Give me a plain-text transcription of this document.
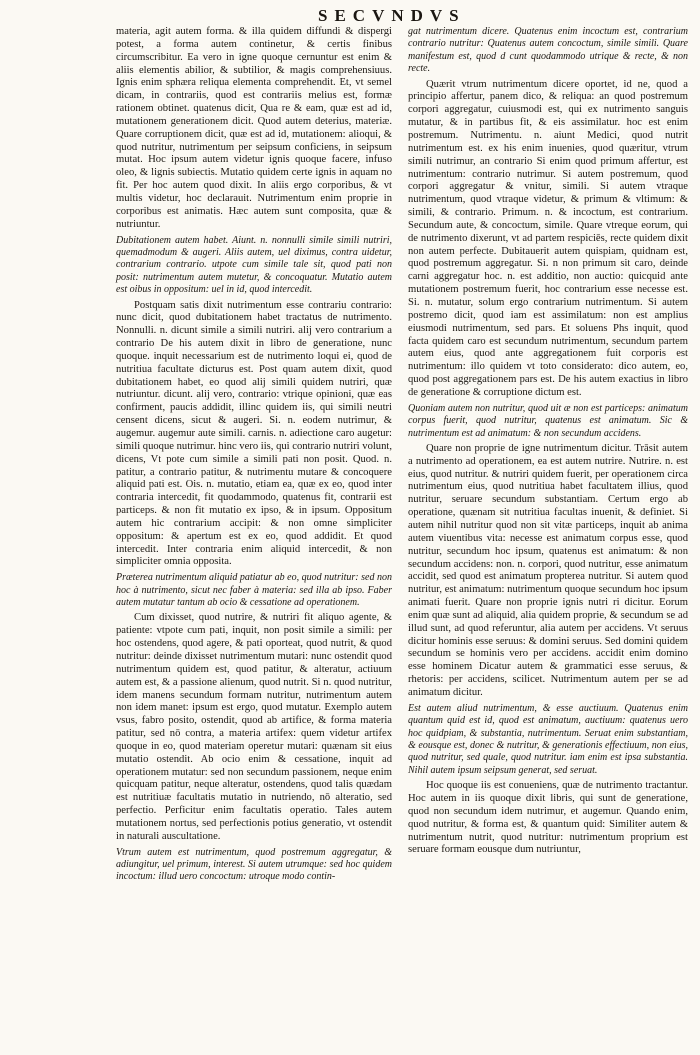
SECVNDVS

materia, agit autem forma. & illa quidem diffundi & dispergi potest, a forma autem continetur, & certis finibus circumscribitur. Ea vero in igne quoque cernuntur est enim & aliis elementis abilior, & subtilior, & magis comprehensiuus. Ignis enim sphæra reliqua elementa comprehendit. Et, vt semel dicam, in contrariis, quod est contrariis melius est, formæ rationem obtinet. quatenus dicit, Qua re & eam, quæ est ad id, mutationem generationem dicit. Quod autem deterius, materiæ. Quare corruptionem dicit, quæ est ad id, mutationem: alioqui, & quod nutritur, nutrimentum per seipsum conficiens, in seipsum mutat. Hoc ipsum autem videtur ignis quoque facere, infuso oleo, & lignis subiectis. Mutatio quidem certe ignis in aquam no fit. Per hoc autem quod dixit. In aliis ergo corporibus, & vt multis videtur, hoc declarauit. Nutrimentum enim proprie in corporibus est animatis. Hæc autem sunt composita, quæ & nutriuntur.

Dubitationem autem habet. Aiunt. n. nonnulli simile simili nutriri, quemadmodum & augeri. Aliis autem, uel diximus, contra uidetur, contrarium contrario. utpote cum simile tale sit, quod pati non posit: nutrimentum autem mutetur, & concoquatur. Mutatio autem est oibus in oppositum: uel in id, quod intercedit.

Postquam satis dixit nutrimentum esse contrariu contrario: nunc dicit, quod dubitationem habet tractatus de nutrimento. Nonnulli. n. dicunt simile a simili nutriri. alij vero contrarium a contrario De his autem dixit in libro de generatione, nunc quoque. inquit necessarium est de nutrimento loqui ei, quod de nutritiua facultate dicturus est. Post quam autem dixit, quod dubitationem habet, eo quod alij simili quidem nutriri, quæ nutriuntur. dicunt. alij vero, contrario: vtrique opinioni, quæ eas confirment, paucis addidit, illinc quidem iis, qui simili neutri censent dicens, sicut & augeri. Si. n. eodem nutrimur, & augemur. augemur aute simili. carnis. n. adiectione caro augetur: simili quoque nutrimur. hinc vero iis, qui contrario nutriri volunt, dicens, Vt pote cum simile a simili pati non posit. Quod. n. patitur, a contrario patitur, & nutrimentu mutare & concoquere aliquid pati est. Ois. n. mutatio, etiam ea, quæ ex eo, quod inter contraria intercedit, fit quodammodo, quatenus fit, contrarii est particeps. & non fit mutatio ex ipso, & in ipsum. Oppositum autem hic contrarium accipit: & non omne simpliciter oppositum: & apertum est ex eo, quod addidit. Et quod intercedit. Inter contraria enim aliquid intercedit, & non simpliciter omnia opposita.

Præterea nutrimentum aliquid patiatur ab eo, quod nutritur: sed non hoc à nutrimento, sicut nec faber à materia: sed illa ab ipso. Faber autem mutatur tantum ab ocio & cessatione ad operationem.

Cum dixisset, quod nutrire, & nutriri fit aliquo agente, & patiente: vtpote cum pati, inquit, non posit simile a simili: per hoc ostendens, quod agere, & pati oporteat, quod nutrit, & quod nutritur: deinde dixisset nutrimentum mutari: nunc ostendit quod nutrimentum quidem est, quod patitur, & alteratur, actiuum autem est, & a passione alienum, quod nutrit. Si n. quod nutritur, idem manens secundum formam nutritur, nutrimentum autem non idem manet: ipsum est ergo, quod mutatur. Exemplo autem vsus, fabro posito, ostendit, quod ab artifice, & forma materia patitur, sed nō contra, a materia artifex: quem videtur artifex quoque in eo, quod materiam operetur mutari: quænam sit eius mutatio ostendit. Ab ocio enim & cessatione, inquit ad operationem mutatur: sed non secundum passionem, neque enim quicquam patitur, neque alteratur, ostendens, quod talis quædam est nutritiuæ facultatis mutatio in nutriendo, nō alteratio, sed perfectio. Perficitur enim facultatis operatio. Tales autem mutationem nortus, sed perfectionis potius generatio, vt ostendit in naturali auscultatione.

Vtrum autem est nutrimentum, quod postremum aggregatur, & adiungitur, uel primum, interest. Si autem utrumque: sed hoc quidem incoctum: illud uero concoctum: utroque modo contin-

gat nutrimentum dicere. Quatenus enim incoctum est, contrarium contrario nutritur: Quatenus autem concoctum, simile simili. Quare manifestum est, quod d cunt quodammodo utrique & recte, & non recte.

Quærit vtrum nutrimentum dicere oportet, id ne, quod a principio affertur, panem dico, & reliqua: an quod postremum corpori aggregatur, cuiusmodi est, qui ex nutrimento sanguis mutatur, & in partibus fit, & eis assimilatur. hoc est enim postremum. Nutrimentu. n. aiunt Medici, quod nutrit nutrimentum est. ex his enim inuenies, quod quæritur, vtrum simili nutrimur, an contrario Si enim quod primum affertur, est nutrimentum: contrario nutrimur. Si autem postremum, quod corpori aggregatur & vnitur, simili. Si autem vtraque nutrimentum, quod vtraque videtur, & primum & vltimum: & simili, & contrario. Primum. n. & incoctum, est contrarium. Secundum aute, & concoctum, simile. Quare vtreque eorum, qui de nutrimento dixerunt, vt ad partem respiciēs, recte quidem dixit non autem perfecte. Dubitauerit autem quispiam, quidnam est, quod postremum aggregatur. Si. n non primum sit caro, deinde carni aggregatur hoc. n. est additio, non auctio: quicquid ante mutationem postremum fuerit, hoc contrarium esse necesse est. Si. n. mutatur, solum ergo contrarium nutrimentum. Si autem postremo dicit, quod iam est assimilatum: non est amplius eiusmodi nutrimentum, sed pars. Et soluens Phs inquit, quod facta quidem caro est secundum nutrimentum, secundum partem autem eius, quod ante aggregationem fuit corporis est nutrimentum: illo quidem vt toto considerato: dico autem, eo, quod post aggregationem pars est. De his autem exactius in libro de generatione & corruptione dictum est.

Quoniam autem non nutritur, quod uit æ non est particeps: animatum corpus fuerit, quod nutritur, quatenus est animatum. Sic & nutrimentum est ad animatum: & non secundum accidens.

Quare non proprie de igne nutrimentum dicitur. Trāsit autem a nutrimento ad operationem, ea est autem nutrire. Nutrire. n. est eius, quod nutritur. & nutriri quidem fuerit, per operationem circa nutrimentum eius, quod nutritiua habet facultatem illius, quod nutritur, seruare secundum substantiam. Certum ergo ab operatione, quænam sit nutritiua facultas inuenit, & definiet. Si autem nihil nutritur quod non sit vitæ particeps, inquit ab anima autem viuentibus vita: necesse est animatum corpus esse, quod nutritur, secundum hoc ipsum, quatenus est animatum: & non secundum accidens: non. n. corpori, quod nutritur, esse animatum accidit, sed quod est animatum propterea nutritur. Si autem quod nutritur, est animatum: nutrimentum quoque secundum hoc ipsum animati fuerit. Quare non proprie ignis nutri ri dicitur. Eorum enim quæ sunt ad aliquid, alia quidem proprie, & secundum se ad illud sunt, ad quod referuntur, alia autem per accidens. Vt seruus dicitur hominis esse seruus: & domini seruus. Sed domini quidem secundum se hominis vero per accidens. accidit enim domino esse hominem Dicatur autem & grammatici esse seruus, & rhetoris: per accidens, scilicet. Nutrimentum autem per se ad animatum dicitur.

Est autem aliud nutrimentum, & esse auctiuum. Quatenus enim quantum quid est id, quod est animatum, auctiuum: quatenus uero hoc quidpiam, & substantia, nutrimentum. Seruat enim substantiam, & eousque est, donec & nutritur, & generationis effectiuum, non eius, quod nutritur, sed quale, quod nutritur. iam enim est ipsa substantia. Nihil autem ipsum seipsum generat, sed seruat.

Hoc quoque iis est conueniens, quæ de nutrimento tractantur. Hoc autem in iis quoque dixit libris, qui sunt de generatione, quod non secundum idem nutrimur, et augemur. Quando enim, quod nutritur, & forma est, & quantum quid: Similiter autem & nutrimentum nutrit, quod nutritur: nutrimentum proprium est seruare formam eousque dum nutriuntur,
